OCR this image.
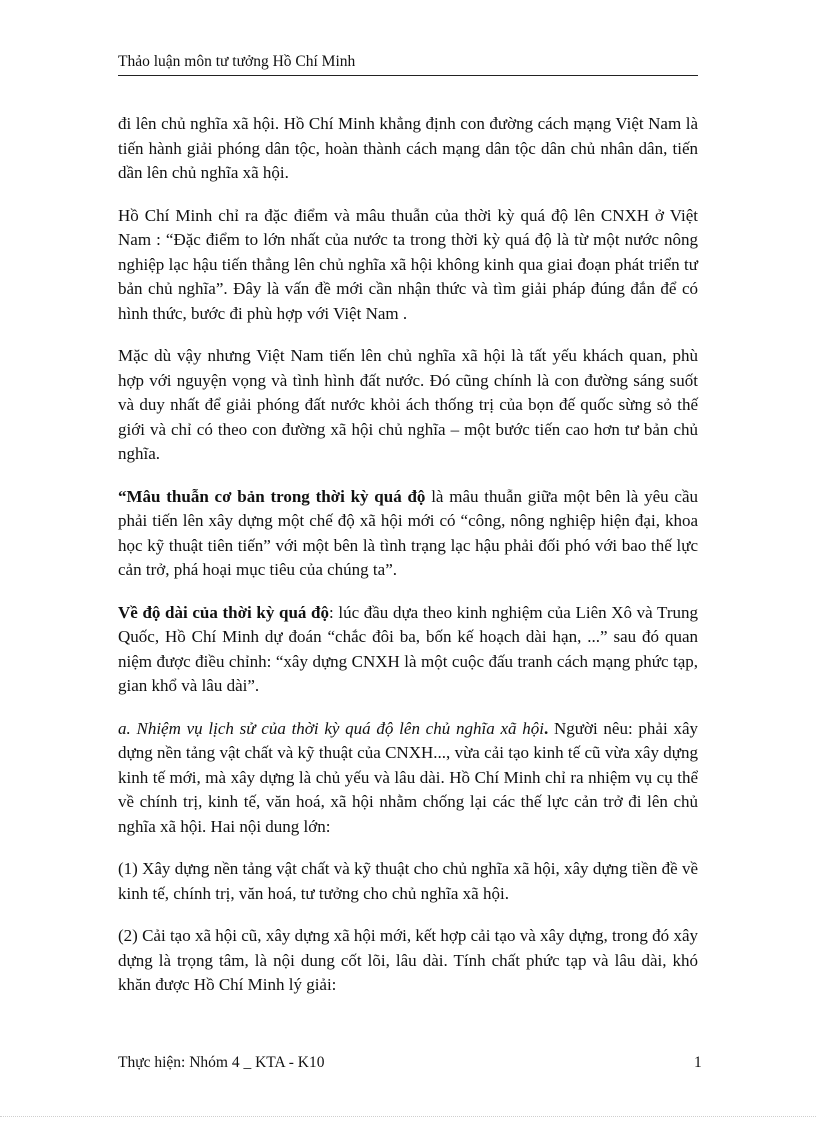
Thảo luận môn tư tưởng Hồ Chí Minh

đi lên chủ nghĩa xã hội. Hồ Chí Minh khẳng định con đường cách mạng Việt Nam là tiến hành giải phóng dân tộc, hoàn thành cách mạng dân tộc dân chủ nhân dân, tiến dần lên chủ nghĩa xã hội.

Hồ Chí Minh chỉ ra đặc điểm và mâu thuẫn của thời kỳ quá độ lên CNXH ở Việt Nam : “Đặc điểm to lớn nhất của nước ta trong thời kỳ quá độ là từ một nước nông nghiệp lạc hậu tiến thẳng lên chủ nghĩa xã hội không kinh qua giai đoạn phát triển tư bản chủ nghĩa”. Đây là vấn đề mới cần nhận thức và tìm giải pháp đúng đắn để có hình thức, bước đi phù hợp với Việt Nam .

Mặc dù vậy nhưng Việt Nam tiến lên chủ nghĩa xã hội là tất yếu khách quan, phù hợp với nguyện vọng và tình hình đất nước. Đó cũng chính là con đường sáng suốt và duy nhất để giải phóng đất nước khỏi ách thống trị của bọn đế quốc sừng sỏ thế giới và chỉ có theo con đường xã hội chủ nghĩa – một bước tiến cao hơn tư bản chủ nghĩa.

“Mâu thuẫn cơ bản trong thời kỳ quá độ là mâu thuẫn giữa một bên là yêu cầu phải tiến lên xây dựng một chế độ xã hội mới có “công, nông nghiệp hiện đại, khoa học kỹ thuật tiên tiến” với một bên là tình trạng lạc hậu phải đối phó với bao thế lực cản trở, phá hoại mục tiêu của chúng ta”.

Về độ dài của thời kỳ quá độ: lúc đầu dựa theo kinh nghiệm của Liên Xô và Trung Quốc, Hồ Chí Minh dự đoán “chắc đôi ba, bốn kế hoạch dài hạn, ...” sau đó quan niệm được điều chỉnh: “xây dựng CNXH là một cuộc đấu tranh cách mạng phức tạp, gian khổ và lâu dài”.

a. Nhiệm vụ lịch sử của thời kỳ quá độ lên chủ nghĩa xã hội. Người nêu: phải xây dựng nền tảng vật chất và kỹ thuật của CNXH..., vừa cải tạo kinh tế cũ vừa xây dựng kinh tế mới, mà xây dựng là chủ yếu và lâu dài. Hồ Chí Minh chỉ ra nhiệm vụ cụ thể về chính trị, kinh tế, văn hoá, xã hội nhằm chống lại các thế lực cản trở đi lên chủ nghĩa xã hội. Hai nội dung lớn:

(1) Xây dựng nền tảng vật chất và kỹ thuật cho chủ nghĩa xã hội, xây dựng tiền đề về kinh tế, chính trị, văn hoá, tư tưởng cho chủ nghĩa xã hội.

(2) Cải tạo xã hội cũ, xây dựng xã hội mới, kết hợp cải tạo và xây dựng, trong đó xây dựng là trọng tâm, là nội dung cốt lõi, lâu dài. Tính chất phức tạp và lâu dài, khó khăn được Hồ Chí Minh lý giải:

Thực hiện: Nhóm 4 _ KTA - K10	1
